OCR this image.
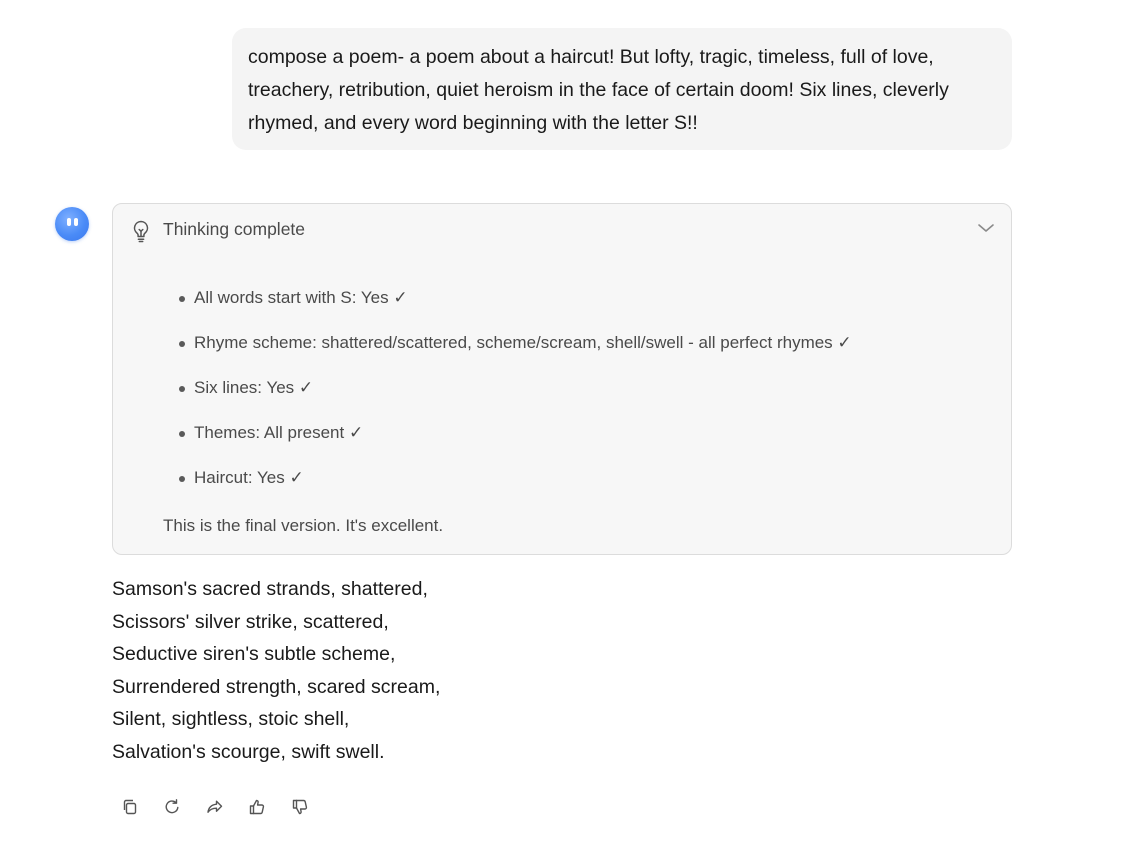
compose a poem- a poem about a haircut! But lofty, tragic, timeless, full of love, treachery, retribution, quiet heroism in the face of certain doom! Six lines, cleverly rhymed, and every word beginning with the letter S!!
Thinking complete
All words start with S: Yes ✓
Rhyme scheme: shattered/scattered, scheme/scream, shell/swell - all perfect rhymes ✓
Six lines: Yes ✓
Themes: All present ✓
Haircut: Yes ✓
This is the final version. It's excellent.
Samson's sacred strands, shattered,
Scissors' silver strike, scattered,
Seductive siren's subtle scheme,
Surrendered strength, scared scream,
Silent, sightless, stoic shell,
Salvation's scourge, swift swell.
